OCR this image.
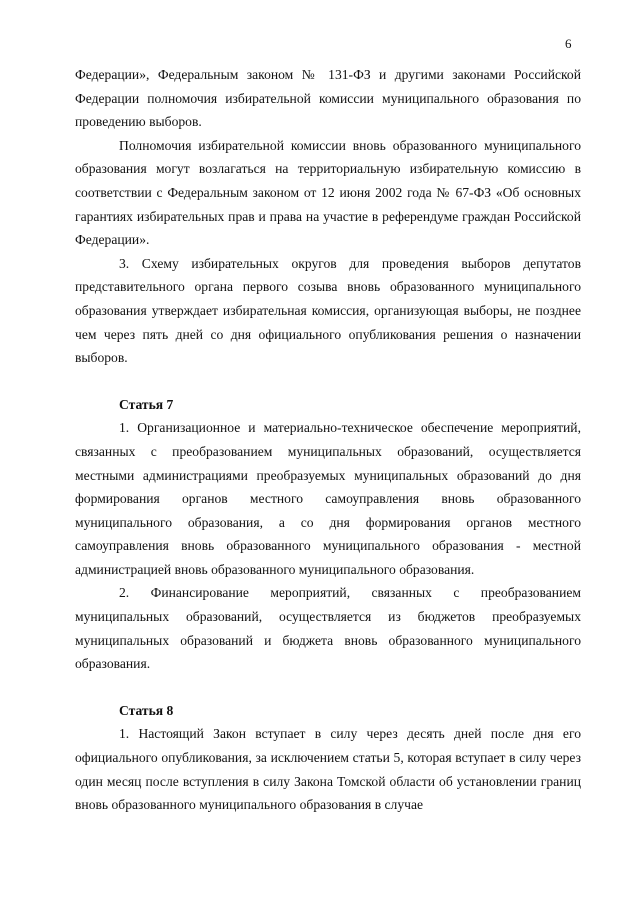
6

Федерации», Федеральным законом № 131-ФЗ и другими законами Российской Федерации полномочия избирательной комиссии муниципального образования по проведению выборов.

Полномочия избирательной комиссии вновь образованного муниципального образования могут возлагаться на территориальную избирательную комиссию в соответствии с Федеральным законом от 12 июня 2002 года № 67-ФЗ «Об основных гарантиях избирательных прав и права на участие в референдуме граждан Российской Федерации».

3. Схему избирательных округов для проведения выборов депутатов представительного органа первого созыва вновь образованного муниципального образования утверждает избирательная комиссия, организующая выборы, не позднее чем через пять дней со дня официального опубликования решения о назначении выборов.

Статья 7

1. Организационное и материально-техническое обеспечение мероприятий, связанных с преобразованием муниципальных образований, осуществляется местными администрациями преобразуемых муниципальных образований до дня формирования органов местного самоуправления вновь образованного муниципального образования, а со дня формирования органов местного самоуправления вновь образованного муниципального образования - местной администрацией вновь образованного муниципального образования.

2. Финансирование мероприятий, связанных с преобразованием муниципальных образований, осуществляется из бюджетов преобразуемых муниципальных образований и бюджета вновь образованного муниципального образования.

Статья 8

1. Настоящий Закон вступает в силу через десять дней после дня его официального опубликования, за исключением статьи 5, которая вступает в силу через один месяц после вступления в силу Закона Томской области об установлении границ вновь образованного муниципального образования в случае
